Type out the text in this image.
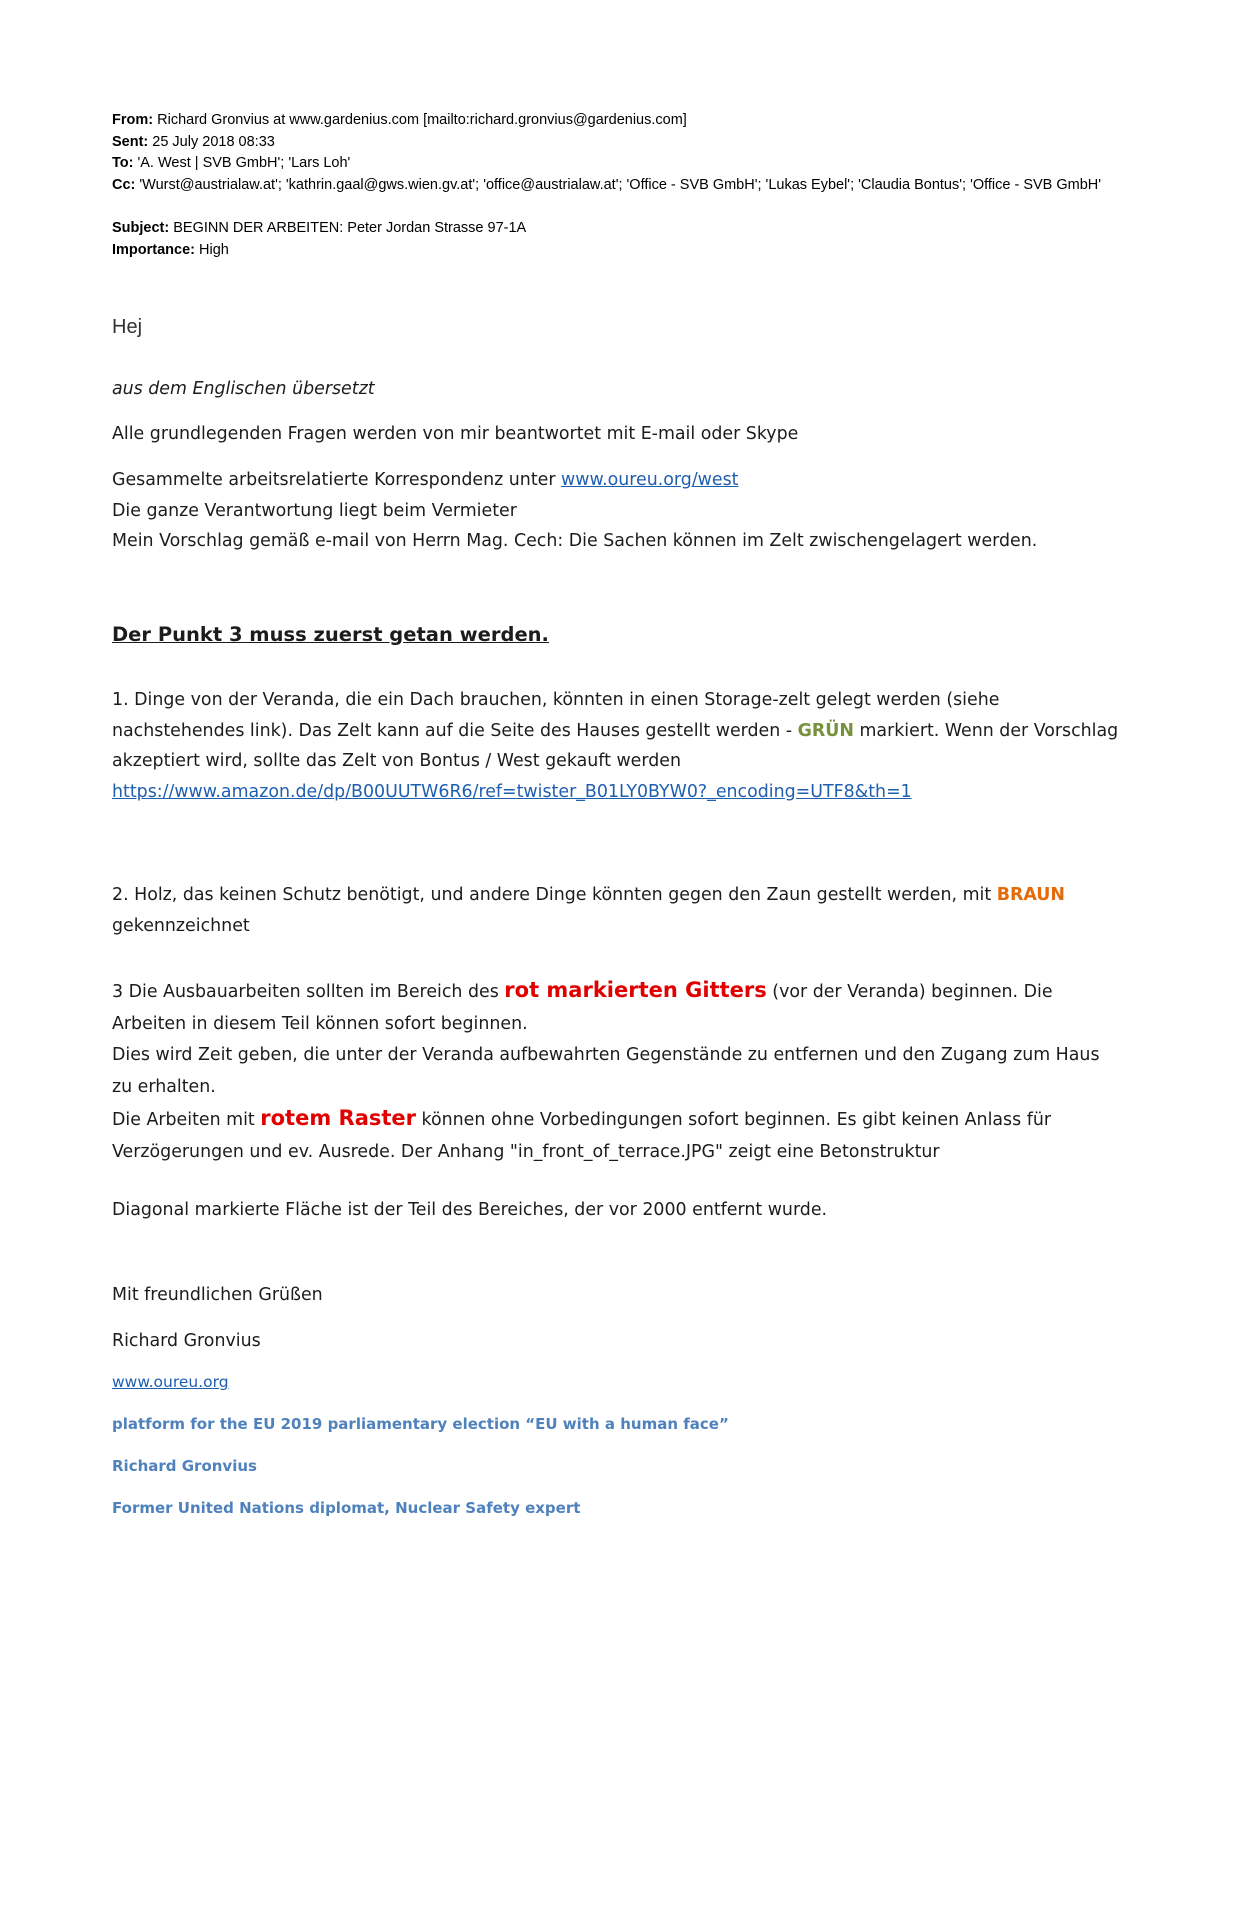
From: Richard Gronvius at www.gardenius.com [mailto:richard.gronvius@gardenius.com]
Sent: 25 July 2018 08:33
To: 'A. West | SVB GmbH'; 'Lars Loh'
Cc: 'Wurst@austrialaw.at'; 'kathrin.gaal@gws.wien.gv.at'; 'office@austrialaw.at'; 'Office - SVB GmbH'; 'Lukas Eybel'; 'Claudia Bontus'; 'Office - SVB GmbH'
Subject: BEGINN DER ARBEITEN: Peter Jordan Strasse 97-1A
Importance: High
Hej
aus dem Englischen übersetzt
Alle grundlegenden Fragen werden von mir beantwortet mit E-mail oder Skype
Gesammelte arbeitsrelatierte Korrespondenz unter www.oureu.org/west
Die ganze Verantwortung liegt beim Vermieter
Mein Vorschlag gemäß e-mail von Herrn Mag. Cech: Die Sachen können im Zelt zwischengelagert werden.
Der Punkt 3 muss zuerst getan werden.
1. Dinge von der Veranda, die ein Dach brauchen, könnten in einen Storage-zelt gelegt werden (siehe nachstehendes link). Das Zelt kann auf die Seite des Hauses gestellt werden - GRÜN markiert. Wenn der Vorschlag akzeptiert wird, sollte das Zelt von Bontus / West gekauft werden
https://www.amazon.de/dp/B00UUTW6R6/ref=twister_B01LY0BYW0?_encoding=UTF8&th=1
2. Holz, das keinen Schutz benötigt, und andere Dinge könnten gegen den Zaun gestellt werden, mit BRAUN gekennzeichnet
3 Die Ausbauarbeiten sollten im Bereich des rot markierten Gitters (vor der Veranda) beginnen. Die Arbeiten in diesem Teil können sofort beginnen.
Dies wird Zeit geben, die unter der Veranda aufbewahrten Gegenstände zu entfernen und den Zugang zum Haus zu erhalten.
Die Arbeiten mit rotem Raster können ohne Vorbedingungen sofort beginnen. Es gibt keinen Anlass für Verzögerungen und ev. Ausrede. Der Anhang "in_front_of_terrace.JPG" zeigt eine Betonstruktur
Diagonal markierte Fläche ist der Teil des Bereiches, der vor 2000 entfernt wurde.
Mit freundlichen Grüßen
Richard Gronvius
www.oureu.org
platform for the EU 2019 parliamentary election “EU with a human face”
Richard Gronvius
Former United Nations diplomat, Nuclear Safety expert
